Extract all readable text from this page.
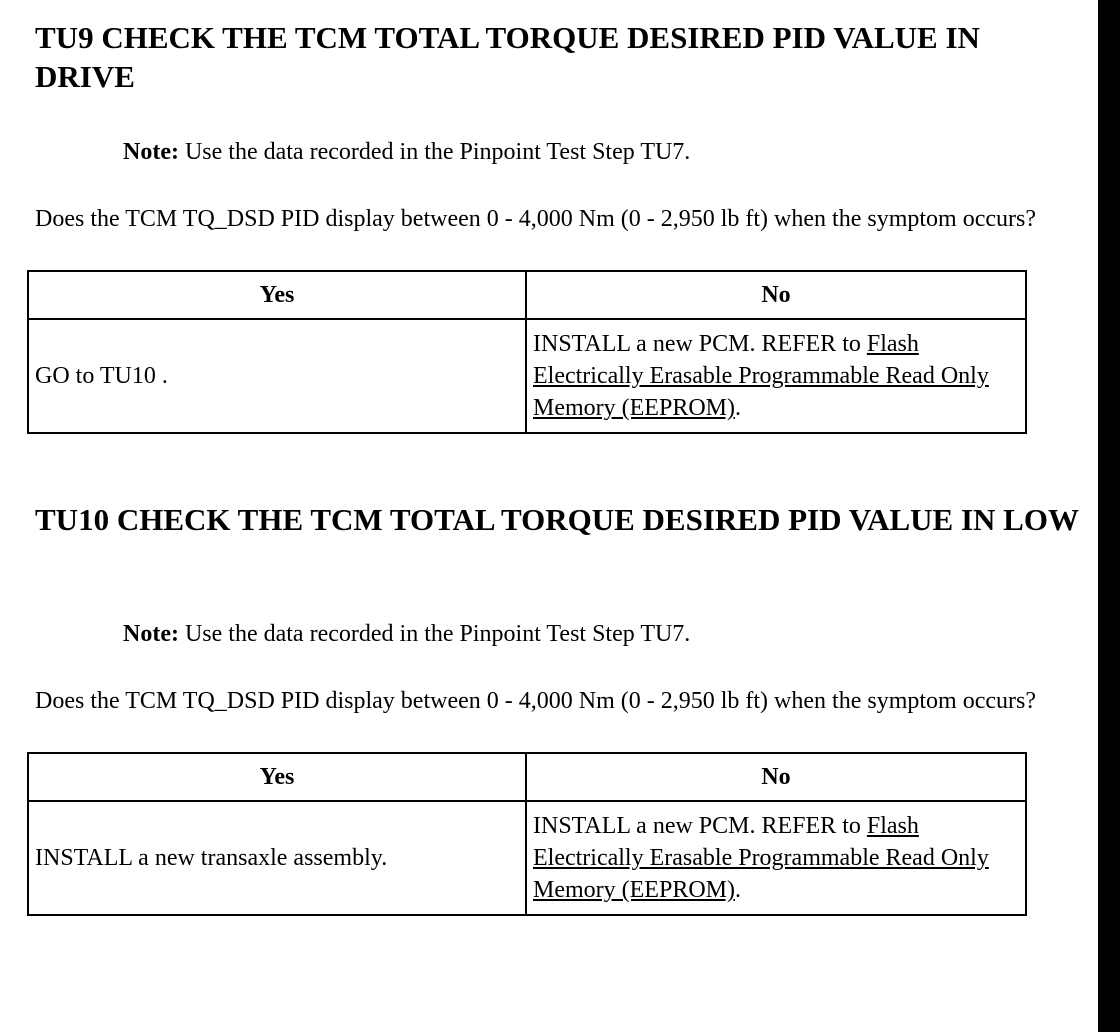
TU9 CHECK THE TCM TOTAL TORQUE DESIRED PID VALUE IN DRIVE

Note: Use the data recorded in the Pinpoint Test Step TU7.

Does the TCM TQ_DSD PID display between 0 - 4,000 Nm (0 - 2,950 lb ft) when the symptom occurs?

Yes	No
GO to TU10 .	INSTALL a new PCM. REFER to Flash Electrically Erasable Programmable Read Only Memory (EEPROM).
TU10 CHECK THE TCM TOTAL TORQUE DESIRED PID VALUE IN LOW

Note: Use the data recorded in the Pinpoint Test Step TU7.

Does the TCM TQ_DSD PID display between 0 - 4,000 Nm (0 - 2,950 lb ft) when the symptom occurs?

Yes	No
INSTALL a new transaxle assembly.	INSTALL a new PCM. REFER to Flash Electrically Erasable Programmable Read Only Memory (EEPROM).
